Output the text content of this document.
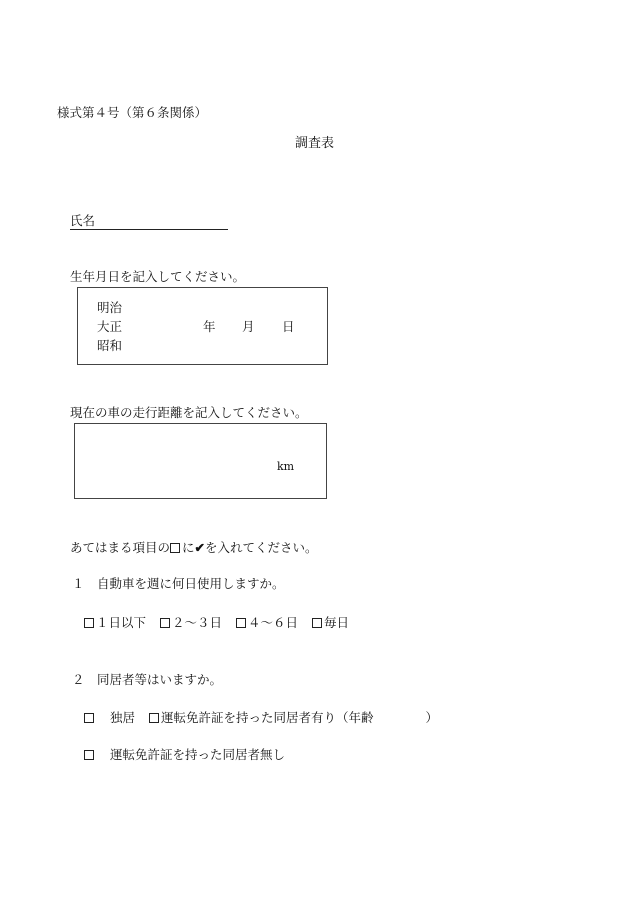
様式第４号（第６条関係）
調査表
氏名
生年月日を記入してください。
明治
大正
昭和
年 月 日
現在の車の走行距離を記入してください。
km
あてはまる項目の に✔を入れてください。
１ 自動車を週に何日使用しますか。
１日以下 ２～３日 ４～６日 毎日
２ 同居者等はいますか。
独居 運転免許証を持った同居者有り（年齢	）
運転免許証を持った同居者無し
